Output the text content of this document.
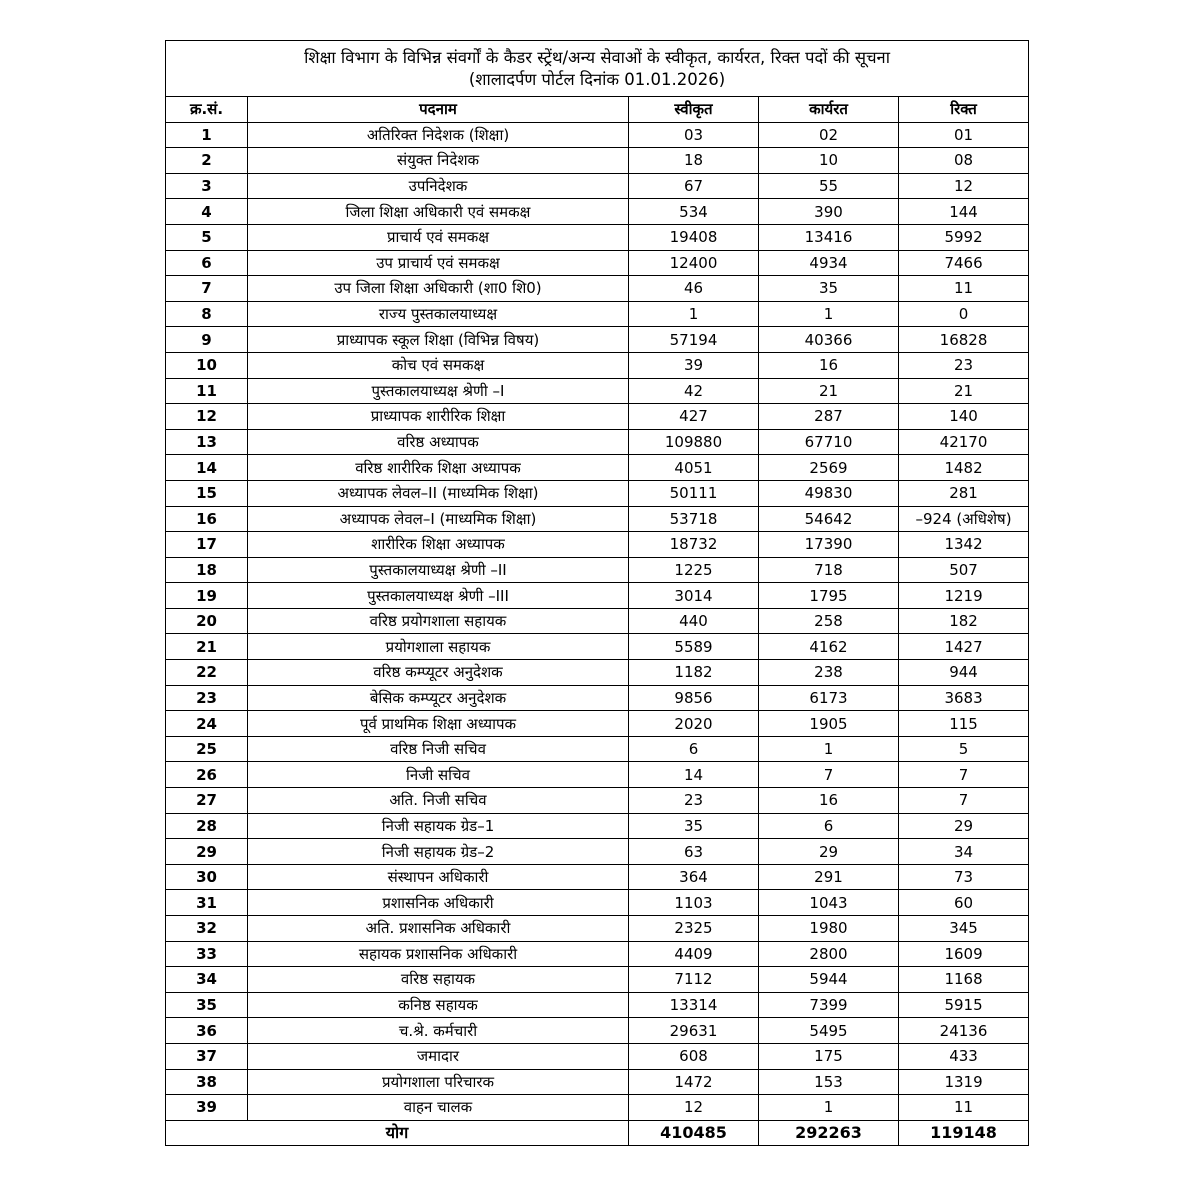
शिक्षा विभाग के विभिन्न संवर्गों के कैडर स्ट्रेंथ/अन्य सेवाओं के स्वीकृत, कार्यरत, रिक्त पदों की सूचना
(शालादर्पण पोर्टल दिनांक 01.01.2026)				

क्र.सं.	पदनाम	स्वीकृत	कार्यरत	रिक्त
1	अतिरिक्त निदेशक (शिक्षा)	03	02	01
2	संयुक्त निदेशक	18	10	08
3	उपनिदेशक	67	55	12
4	जिला शिक्षा अधिकारी एवं समकक्ष	534	390	144
5	प्राचार्य एवं समकक्ष	19408	13416	5992
6	उप प्राचार्य एवं समकक्ष	12400	4934	7466
7	उप जिला शिक्षा अधिकारी (शा0 शि0)	46	35	11
8	राज्य पुस्तकालयाध्यक्ष	1	1	0
9	प्राध्यापक स्कूल शिक्षा (विभिन्न विषय)	57194	40366	16828
10	कोच एवं समकक्ष	39	16	23
11	पुस्तकालयाध्यक्ष श्रेणी –I	42	21	21
12	प्राध्यापक शारीरिक शिक्षा	427	287	140
13	वरिष्ठ अध्यापक	109880	67710	42170
14	वरिष्ठ शारीरिक शिक्षा अध्यापक	4051	2569	1482
15	अध्यापक लेवल–II (माध्यमिक शिक्षा)	50111	49830	281
16	अध्यापक लेवल–I (माध्यमिक शिक्षा)	53718	54642	–924 (अधिशेष)
17	शारीरिक शिक्षा अध्यापक	18732	17390	1342
18	पुस्तकालयाध्यक्ष श्रेणी –II	1225	718	507
19	पुस्तकालयाध्यक्ष श्रेणी –III	3014	1795	1219
20	वरिष्ठ प्रयोगशाला सहायक	440	258	182
21	प्रयोगशाला सहायक	5589	4162	1427
22	वरिष्ठ कम्प्यूटर अनुदेशक	1182	238	944
23	बेसिक कम्प्यूटर अनुदेशक	9856	6173	3683
24	पूर्व प्राथमिक शिक्षा अध्यापक	2020	1905	115
25	वरिष्ठ निजी सचिव	6	1	5
26	निजी सचिव	14	7	7
27	अति. निजी सचिव	23	16	7
28	निजी सहायक ग्रेड–1	35	6	29
29	निजी सहायक ग्रेड–2	63	29	34
30	संस्थापन अधिकारी	364	291	73
31	प्रशासनिक अधिकारी	1103	1043	60
32	अति. प्रशासनिक अधिकारी	2325	1980	345
33	सहायक प्रशासनिक अधिकारी	4409	2800	1609
34	वरिष्ठ सहायक	7112	5944	1168
35	कनिष्ठ सहायक	13314	7399	5915
36	च.श्रे. कर्मचारी	29631	5495	24136
37	जमादार	608	175	433
38	प्रयोगशाला परिचारक	1472	153	1319
39	वाहन चालक	12	1	11
योग		410485	292263	119148
